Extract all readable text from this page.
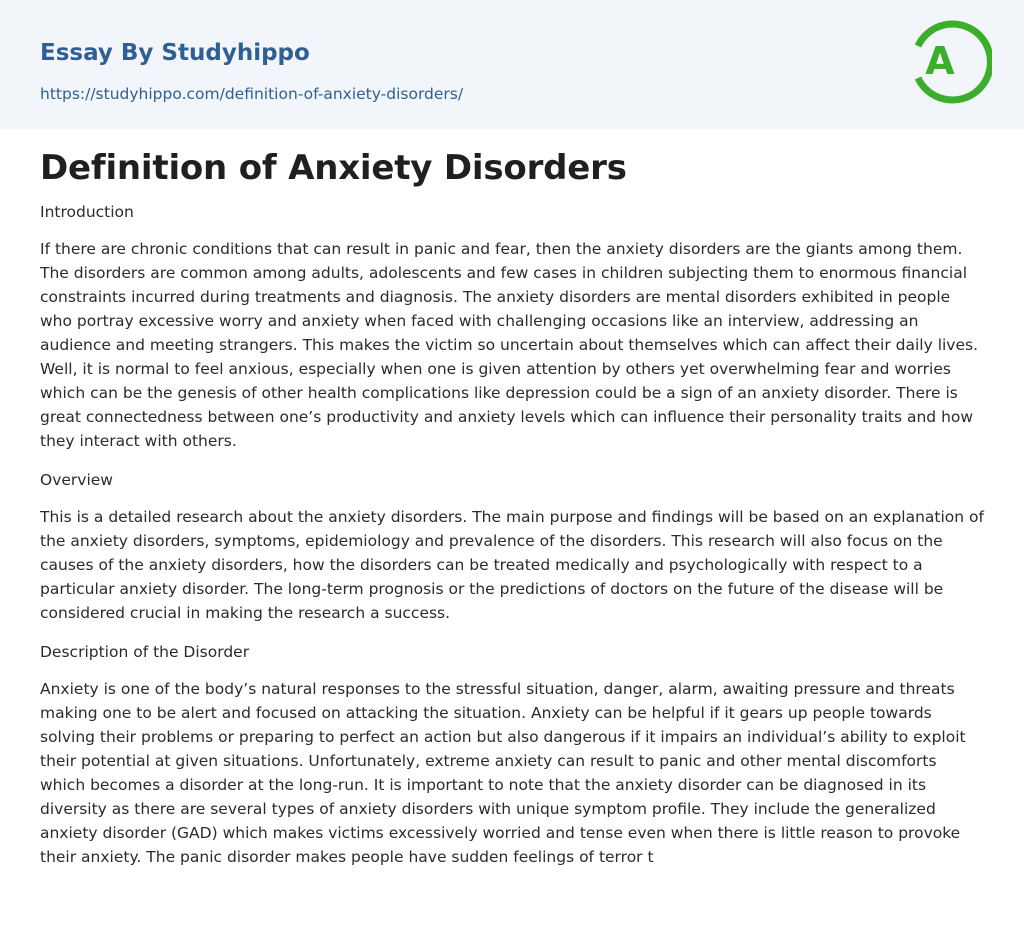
Essay By Studyhippo
https://studyhippo.com/definition-of-anxiety-disorders/
A
Definition of Anxiety Disorders
Introduction

If there are chronic conditions that can result in panic and fear, then the anxiety disorders are the giants among them. The disorders are common among adults, adolescents and few cases in children subjecting them to enormous financial constraints incurred during treatments and diagnosis. The anxiety disorders are mental disorders exhibited in people who portray excessive worry and anxiety when faced with challenging occasions like an interview, addressing an audience and meeting strangers. This makes the victim so uncertain about themselves which can affect their daily lives. Well, it is normal to feel anxious, especially when one is given attention by others yet overwhelming fear and worries which can be the genesis of other health complications like depression could be a sign of an anxiety disorder. There is great connectedness between one’s productivity and anxiety levels which can influence their personality traits and how they interact with others.

Overview

This is a detailed research about the anxiety disorders. The main purpose and findings will be based on an explanation of the anxiety disorders, symptoms, epidemiology and prevalence of the disorders. This research will also focus on the causes of the anxiety disorders, how the disorders can be treated medically and psychologically with respect to a particular anxiety disorder. The long-term prognosis or the predictions of doctors on the future of the disease will be considered crucial in making the research a success.

Description of the Disorder

Anxiety is one of the body’s natural responses to the stressful situation, danger, alarm, awaiting pressure and threats making one to be alert and focused on attacking the situation. Anxiety can be helpful if it gears up people towards solving their problems or preparing to perfect an action but also dangerous if it impairs an individual’s ability to exploit their potential at given situations. Unfortunately, extreme anxiety can result to panic and other mental discomforts which becomes a disorder at the long-run. It is important to note that the anxiety disorder can be diagnosed in its diversity as there are several types of anxiety disorders with unique symptom profile. They include the generalized anxiety disorder (GAD) which makes victims excessively worried and tense even when there is little reason to provoke their anxiety. The panic disorder makes people have sudden feelings of terror t
